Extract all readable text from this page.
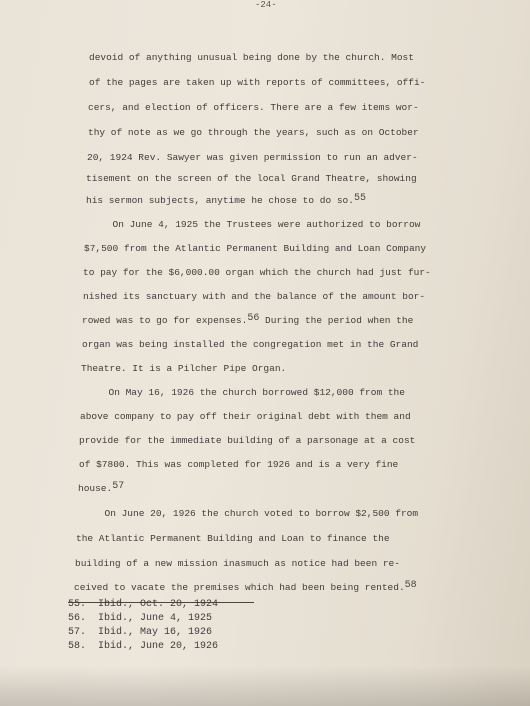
-24-
devoid of anything unusual being done by the church. Most
of the pages are taken up with reports of committees, offi-
cers, and election of officers. There are a few items wor-
thy of note as we go through the years, such as on October
20, 1924 Rev. Sawyer was given permission to run an adver-
tisement on the screen of the local Grand Theatre, showing
his sermon subjects, anytime he chose to do so.55
On June 4, 1925 the Trustees were authorized to borrow
$7,500 from the Atlantic Permanent Building and Loan Company
to pay for the $6,000.00 organ which the church had just fur-
nished its sanctuary with and the balance of the amount bor-
rowed was to go for expenses.56 During the period when the
organ was being installed the congregation met in the Grand
Theatre. It is a Pilcher Pipe Organ.
On May 16, 1926 the church borrowed $12,000 from the
above company to pay off their original debt with them and
provide for the immediate building of a parsonage at a cost
of $7800. This was completed for 1926 and is a very fine
house.57
On June 20, 1926 the church voted to borrow $2,500 from
the Atlantic Permanent Building and Loan to finance the
building of a new mission inasmuch as notice had been re-
ceived to vacate the premises which had been being rented.58
55.  Ibid., Oct. 20, 1924
56.  Ibid., June 4, 1925
57.  Ibid., May 16, 1926
58.  Ibid., June 20, 1926
